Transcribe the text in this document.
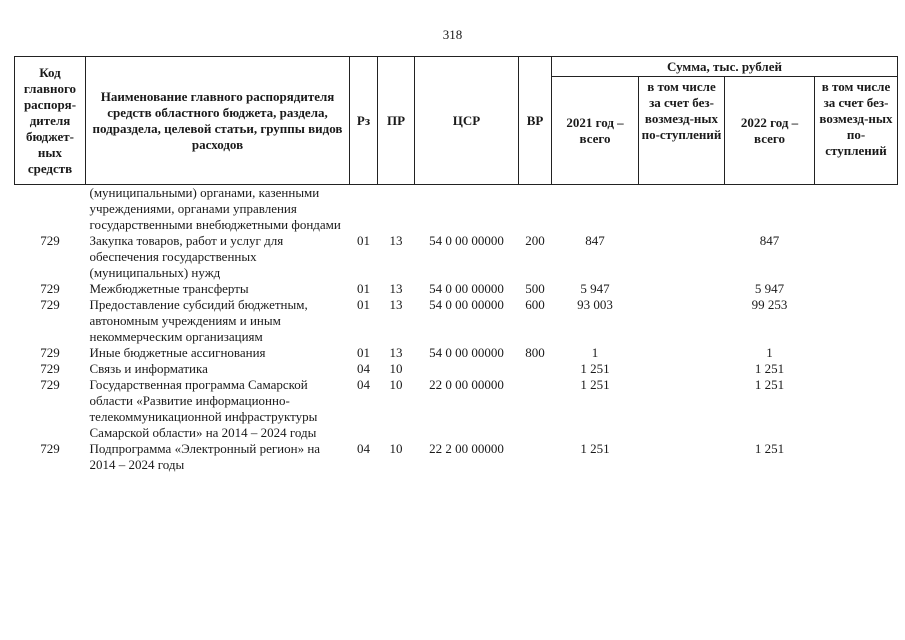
318
Код главного распоря-дителя бюджет-ных средств	Наименование главного распорядителя средств областного бюджета, раздела, подраздела, целевой статьи, группы видов расходов	Рз	ПР	ЦСР	ВР	Сумма, тыс. рублей			
						2021 год – всего	в том числе за счет без-возмезд-ных по-ступлений	2022 год – всего	в том числе за счет без-возмезд-ных по-ступлений
	(муниципальными) органами, казенными учреждениями, органами управления государственными внебюджетными фондами								
729	Закупка товаров, работ и услуг для обеспечения государственных (муниципальных) нужд	01	13	54 0 00 00000	200	847		847	
729	Межбюджетные трансферты	01	13	54 0 00 00000	500	5 947		5 947	
729	Предоставление субсидий бюджетным, автономным учреждениям и иным некоммерческим организациям	01	13	54 0 00 00000	600	93 003		99 253	
729	Иные бюджетные ассигнования	01	13	54 0 00 00000	800	1		1	
729	Связь и информатика	04	10			1 251		1 251	
729	Государственная программа Самарской области «Развитие информационно-телекоммуникационной инфраструктуры Самарской области» на 2014 – 2024 годы	04	10	22 0 00 00000		1 251		1 251	
729	Подпрограмма «Электронный регион» на 2014 – 2024 годы	04	10	22 2 00 00000		1 251		1 251	
